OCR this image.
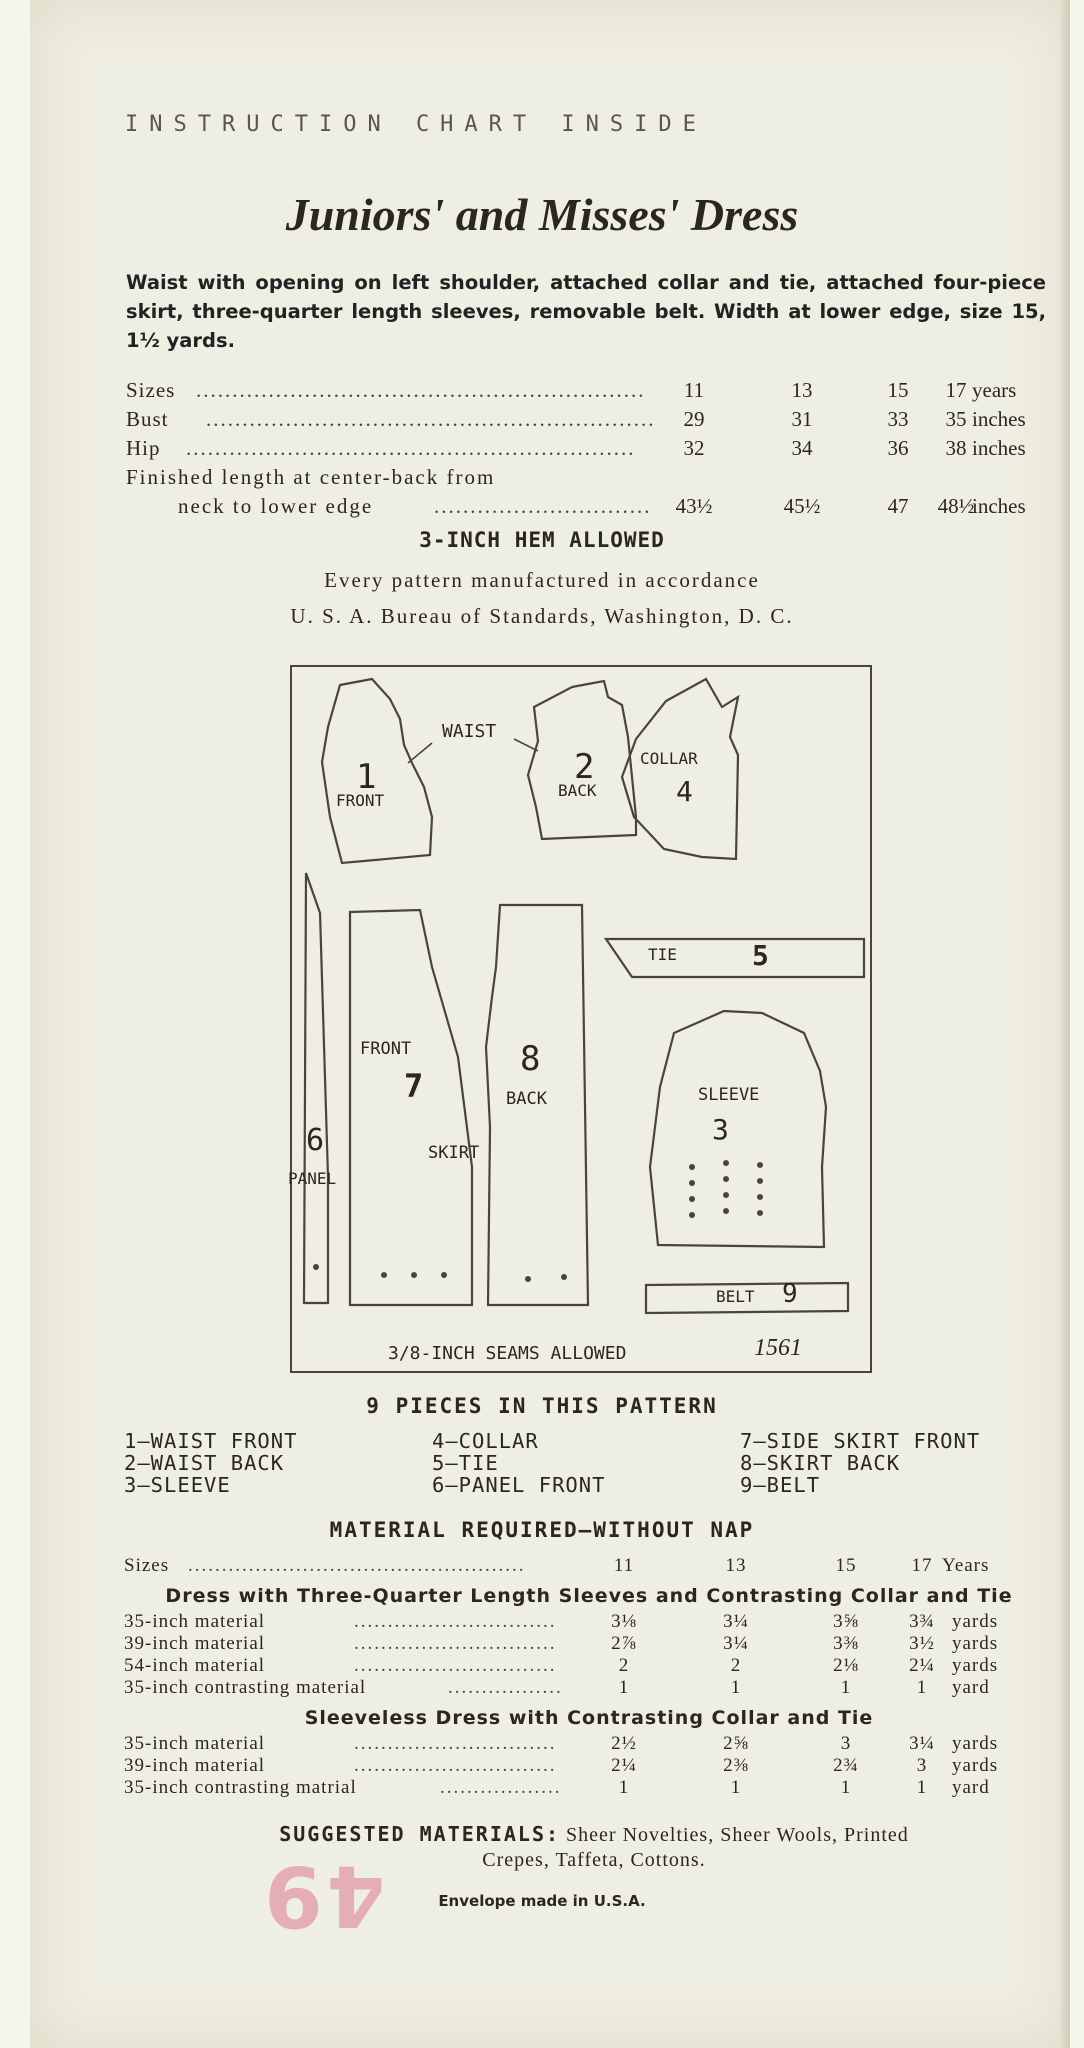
INSTRUCTION CHART INSIDE
Juniors' and Misses' Dress
Waist with opening on left shoulder, attached collar and tie, attached four-piece skirt, three-quarter length sleeves, removable belt. Width at lower edge, size 15, 1½ yards.
Sizes ..............................................................	11	13	15	17 years
Bust ..............................................................	29	31	33	35 inches
Hip ..............................................................	32	34	36	38 inches
Finished length at center-back from
neck to lower edge	..............................	43½	45½	47	48½
inches
3-INCH HEM ALLOWED
Every pattern manufactured in accordance
U. S. A. Bureau of Standards, Washington, D. C.
1
FRONT
WAIST
2
BACK
COLLAR
4
TIE	5
FRONT
7
8
BACK
SKIRT
6
PANEL
SLEEVE
3
BELT 9
3/8-INCH SEAMS ALLOWED	1561
9 PIECES IN THIS PATTERN
1—WAIST FRONT
2—WAIST BACK
3—SLEEVE
4—COLLAR
5—TIE
6—PANEL FRONT
7—SIDE SKIRT FRONT
8—SKIRT BACK
9—BELT
MATERIAL REQUIRED—WITHOUT NAP
Sizes ..................................................	11	13	15	17 Years
Dress with Three-Quarter Length Sleeves and Contrasting Collar and Tie
35-inch material	..............................	3⅛	3¼	3⅝	3¾ yards
39-inch material	..............................	2⅞	3¼	3⅜	3½ yards
54-inch material	..............................	2	2	2⅛	2¼ yards
35-inch contrasting material	.................	1	1	1	1	yard
Sleeveless Dress with Contrasting Collar and Tie
35-inch material	..............................	2½	2⅝	3	3¼ yards
39-inch material	..............................	2¼	2⅜	2¾	3	yards
35-inch contrasting matrial	..................	1	1	1	1	yard
SUGGESTED MATERIALS: Sheer Novelties, Sheer Wools, Printed
Crepes, Taffeta, Cottons.
49	Envelope made in U.S.A.
